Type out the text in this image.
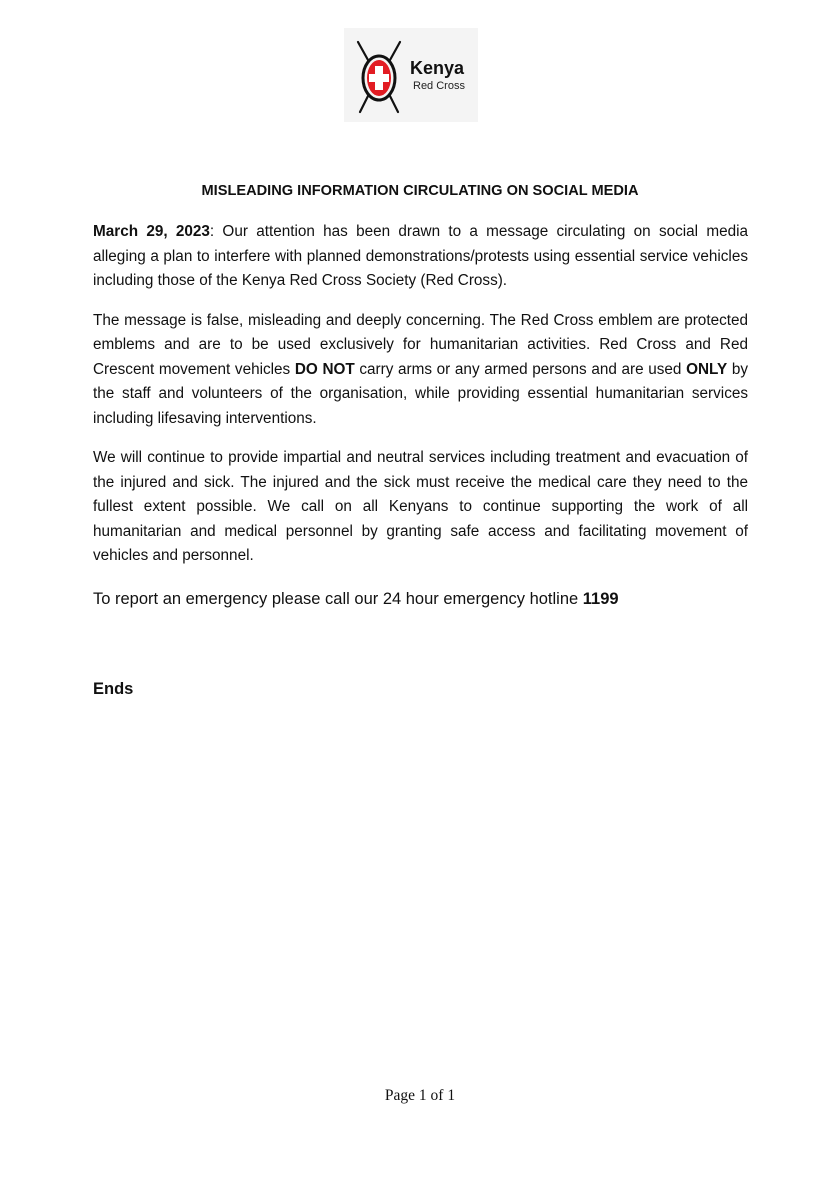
Kenya
Red Cross
MISLEADING INFORMATION CIRCULATING ON SOCIAL MEDIA

March 29, 2023: Our attention has been drawn to a message circulating on social media alleging a plan to interfere with planned demonstrations/protests using essential service vehicles including those of the Kenya Red Cross Society (Red Cross).

The message is false, misleading and deeply concerning. The Red Cross emblem are protected emblems and are to be used exclusively for humanitarian activities. Red Cross and Red Crescent movement vehicles DO NOT carry arms or any armed persons and are used ONLY by the staff and volunteers of the organisation, while providing essential humanitarian services including lifesaving interventions.

We will continue to provide impartial and neutral services including treatment and evacuation of the injured and sick. The injured and the sick must receive the medical care they need to the fullest extent possible. We call on all Kenyans to continue supporting the work of all humanitarian and medical personnel by granting safe access and facilitating movement of vehicles and personnel.

To report an emergency please call our 24 hour emergency hotline 1199

Ends
Page 1 of 1
